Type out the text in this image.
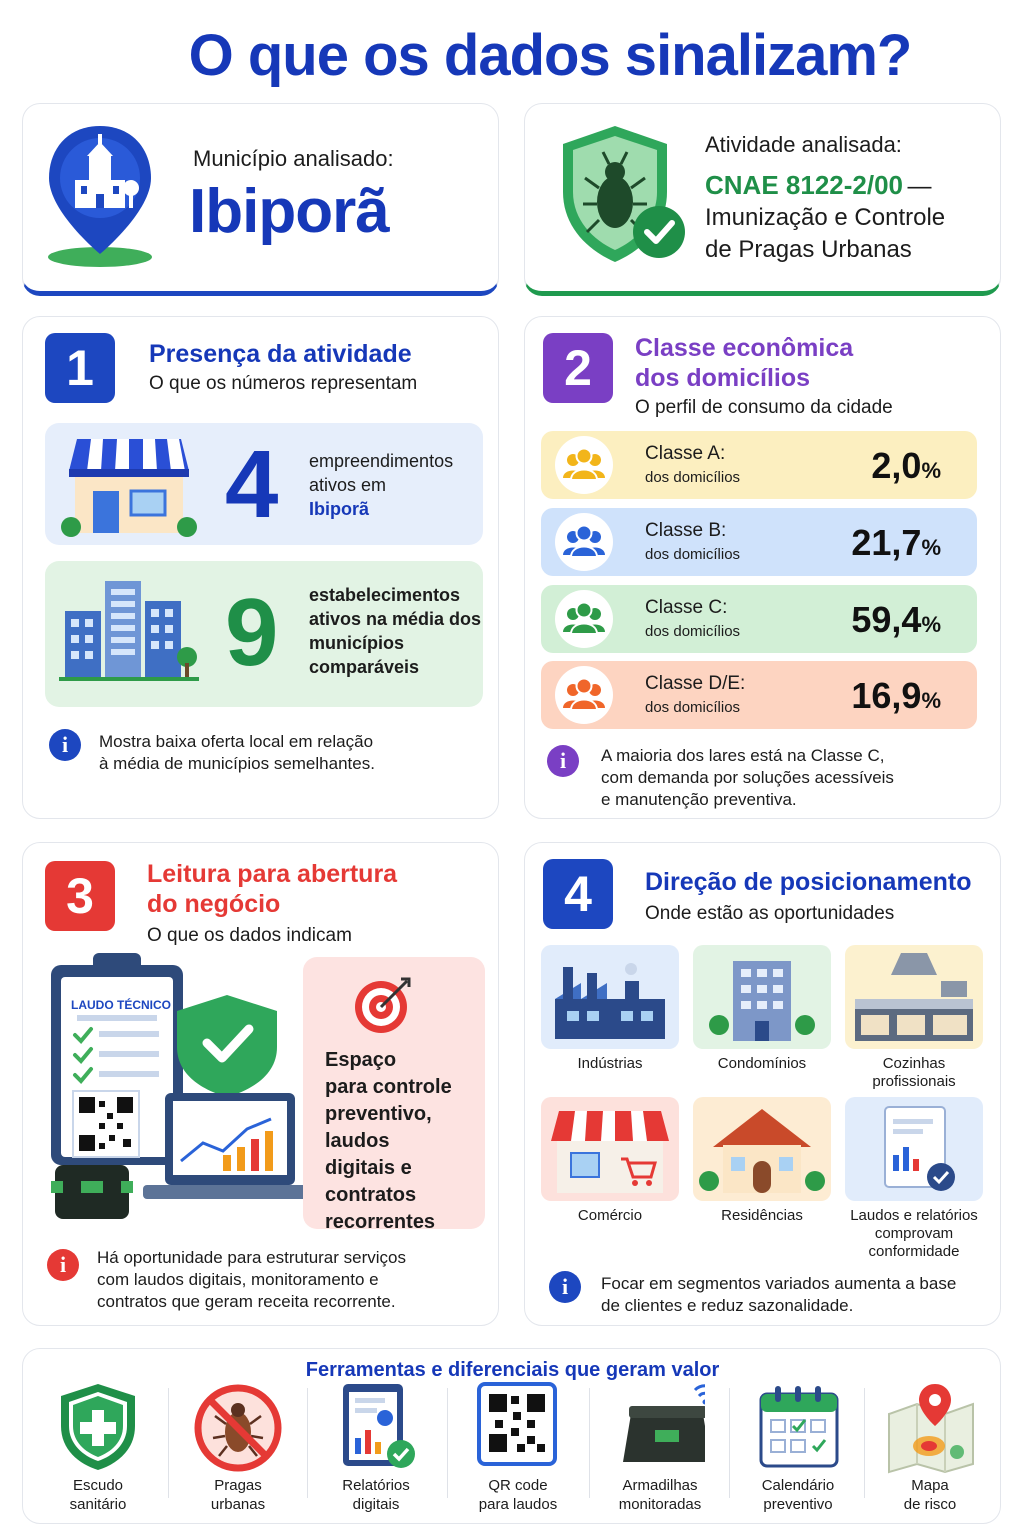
O que os dados sinalizam?
Município analisado:
Ibiporã
Atividade analisada:
CNAE 8122-2/00 —
Imunização e Controle
de Pragas Urbanas
1	Presença da atividade
O que os números representam
4 empreendimentos
ativos em
Ibiporã
9 estabelecimentos
ativos na média dos
municípios
comparáveis
i	Mostra baixa oferta local em relação
à média de municípios semelhantes.
2	Classe econômica
dos domicílios
O perfil de consumo da cidade
Classe A:
dos domicílios	2,0%
Classe B:
dos domicílios	21,7%
Classe C:
dos domicílios	59,4%
Classe D/E:
dos domicílios	16,9%
i	A maioria dos lares está na Classe C,
com demanda por soluções acessíveis
e manutenção preventiva.
3	Leitura para abertura
do negócio
O que os dados indicam
LAUDO TÉCNICO
Espaço
para controle
preventivo,
laudos
digitais e
contratos
recorrentes
i	Há oportunidade para estruturar serviços
com laudos digitais, monitoramento e
contratos que geram receita recorrente.
4	Direção de posicionamento
Onde estão as oportunidades
Indústrias	Condomínios	Cozinhas
profissionais
Comércio	Residências	Laudos e relatórios
comprovam
conformidade
i	Focar em segmentos variados aumenta a base
de clientes e reduz sazonalidade.
Ferramentas e diferenciais que geram valor
Escudo
sanitário
Pragas
urbanas
Relatórios
digitais
QR code
para laudos
Armadilhas
monitoradas
Calendário
preventivo
Mapa
de risco
